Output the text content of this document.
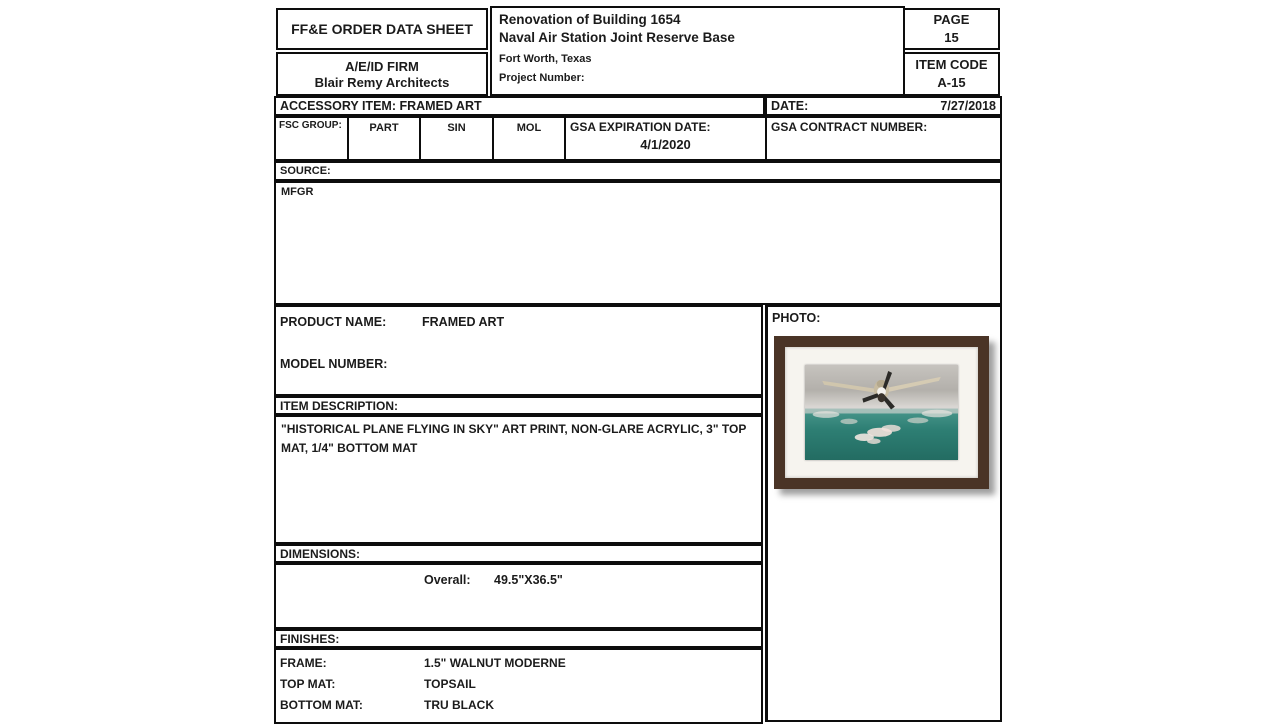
FF&E ORDER DATA SHEET
A/E/ID FIRM
Blair Remy Architects
Renovation of Building 1654
Naval Air Station Joint Reserve Base
Fort Worth, Texas
Project Number:
PAGE
15
ITEM CODE
A-15
ACCESSORY ITEM: FRAMED ART	DATE:	7/27/2018
FSC GROUP:	PART	SIN	MOL	GSA EXPIRATION DATE:
4/1/2020
GSA CONTRACT NUMBER:
SOURCE:
MFGR
PRODUCT NAME:	FRAMED ART
MODEL NUMBER:
ITEM DESCRIPTION:
"HISTORICAL PLANE FLYING IN SKY" ART PRINT, NON-GLARE ACRYLIC, 3" TOP MAT, 1/4" BOTTOM MAT
DIMENSIONS:
Overall: 49.5"X36.5"
FINISHES:
FRAME:	1.5" WALNUT MODERNE
TOP MAT:	TOPSAIL
BOTTOM MAT:	TRU BLACK
PHOTO:
